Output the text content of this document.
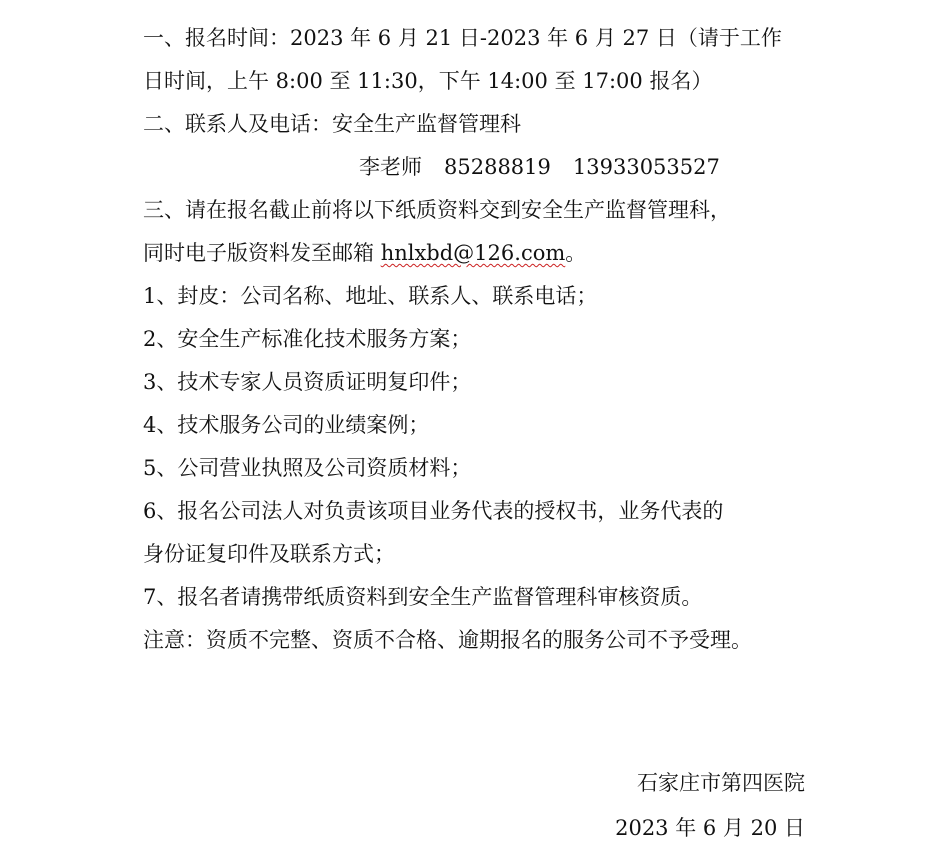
一、报名时间：2023 年 6 月 21 日-2023 年 6 月 27 日（请于工作
日时间，上午 8:00 至 11:30，下午 14:00 至 17:00 报名）
二、联系人及电话：安全生产监督管理科
李老师 85288819 13933053527
三、请在报名截止前将以下纸质资料交到安全生产监督管理科，
同时电子版资料发至邮箱 hnlxbd@126.com。
1、封皮：公司名称、地址、联系人、联系电话；
2、安全生产标准化技术服务方案；
3、技术专家人员资质证明复印件；
4、技术服务公司的业绩案例；
5、公司营业执照及公司资质材料；
6、报名公司法人对负责该项目业务代表的授权书，业务代表的
身份证复印件及联系方式；
7、报名者请携带纸质资料到安全生产监督管理科审核资质。
注意：资质不完整、资质不合格、逾期报名的服务公司不予受理。
石家庄市第四医院
2023 年 6 月 20 日
